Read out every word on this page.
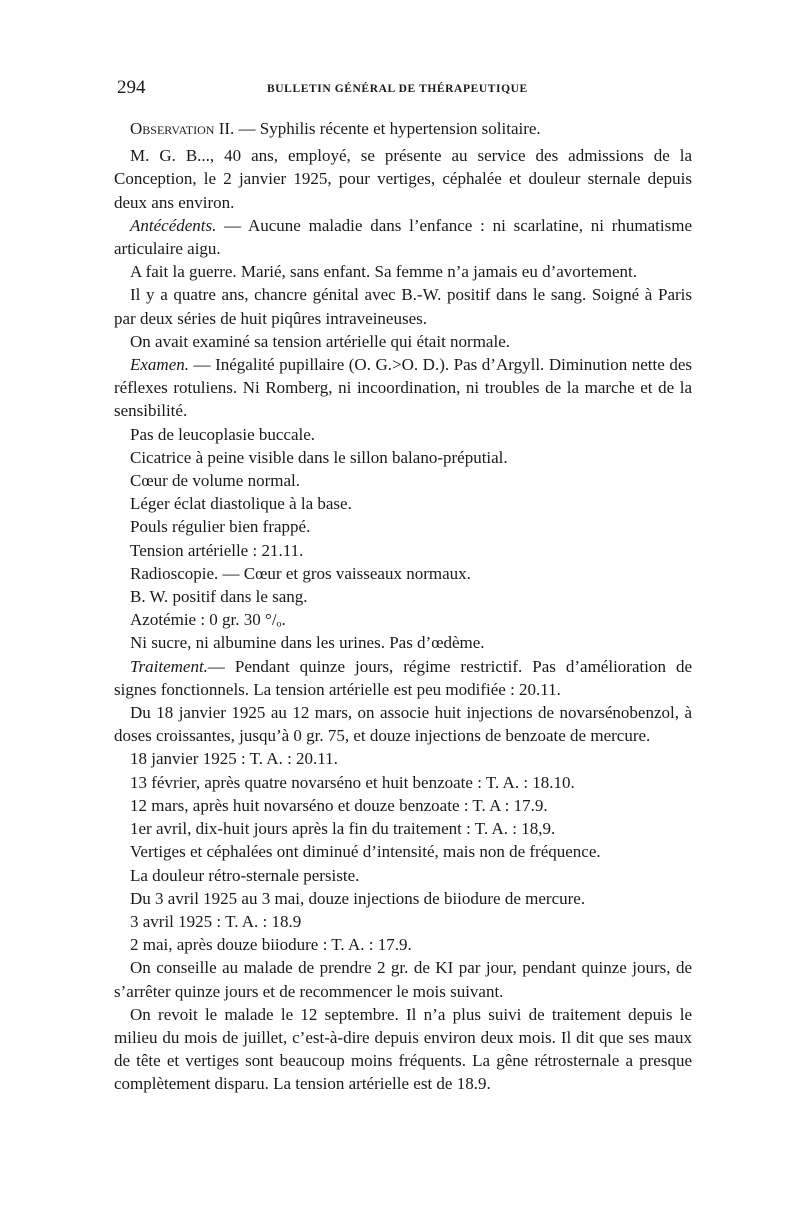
294	BULLETIN GÉNÉRAL DE THÉRAPEUTIQUE

Observation II. — Syphilis récente et hypertension solitaire.

M. G. B..., 40 ans, employé, se présente au service des admissions de la Conception, le 2 janvier 1925, pour vertiges, céphalée et douleur sternale depuis deux ans environ.

Antécédents. — Aucune maladie dans l’enfance : ni scarlatine, ni rhumatisme articulaire aigu.

A fait la guerre. Marié, sans enfant. Sa femme n’a jamais eu d’avortement.

Il y a quatre ans, chancre génital avec B.-W. positif dans le sang. Soigné à Paris par deux séries de huit piqûres intraveineuses.

On avait examiné sa tension artérielle qui était normale.

Examen. — Inégalité pupillaire (O. G.>O. D.). Pas d’Argyll. Diminution nette des réflexes rotuliens. Ni Romberg, ni incoordination, ni troubles de la marche et de la sensibilité.

Pas de leucoplasie buccale.

Cicatrice à peine visible dans le sillon balano-préputial.

Cœur de volume normal.

Léger éclat diastolique à la base.

Pouls régulier bien frappé.

Tension artérielle : 21.11.

Radioscopie. — Cœur et gros vaisseaux normaux.

B. W. positif dans le sang.

Azotémie : 0 gr. 30 °/ₒ.

Ni sucre, ni albumine dans les urines. Pas d’œdème.

Traitement.— Pendant quinze jours, régime restrictif. Pas d’amélioration de signes fonctionnels. La tension artérielle est peu modifiée : 20.11.

Du 18 janvier 1925 au 12 mars, on associe huit injections de novarsénobenzol, à doses croissantes, jusqu’à 0 gr. 75, et douze injections de benzoate de mercure.

18 janvier 1925 : T. A. : 20.11.

13 février, après quatre novarséno et huit benzoate : T. A. : 18.10.

12 mars, après huit novarséno et douze benzoate : T. A : 17.9.

1er avril, dix-huit jours après la fin du traitement : T. A. : 18,9.

Vertiges et céphalées ont diminué d’intensité, mais non de fréquence.

La douleur rétro-sternale persiste.

Du 3 avril 1925 au 3 mai, douze injections de biiodure de mercure.

3 avril 1925 : T. A. : 18.9

2 mai, après douze biiodure : T. A. : 17.9.

On conseille au malade de prendre 2 gr. de KI par jour, pendant quinze jours, de s’arrêter quinze jours et de recommencer le mois suivant.

On revoit le malade le 12 septembre. Il n’a plus suivi de traitement depuis le milieu du mois de juillet, c’est-à-dire depuis environ deux mois. Il dit que ses maux de tête et vertiges sont beaucoup moins fréquents. La gêne rétrosternale a presque complètement disparu. La tension artérielle est de 18.9.
